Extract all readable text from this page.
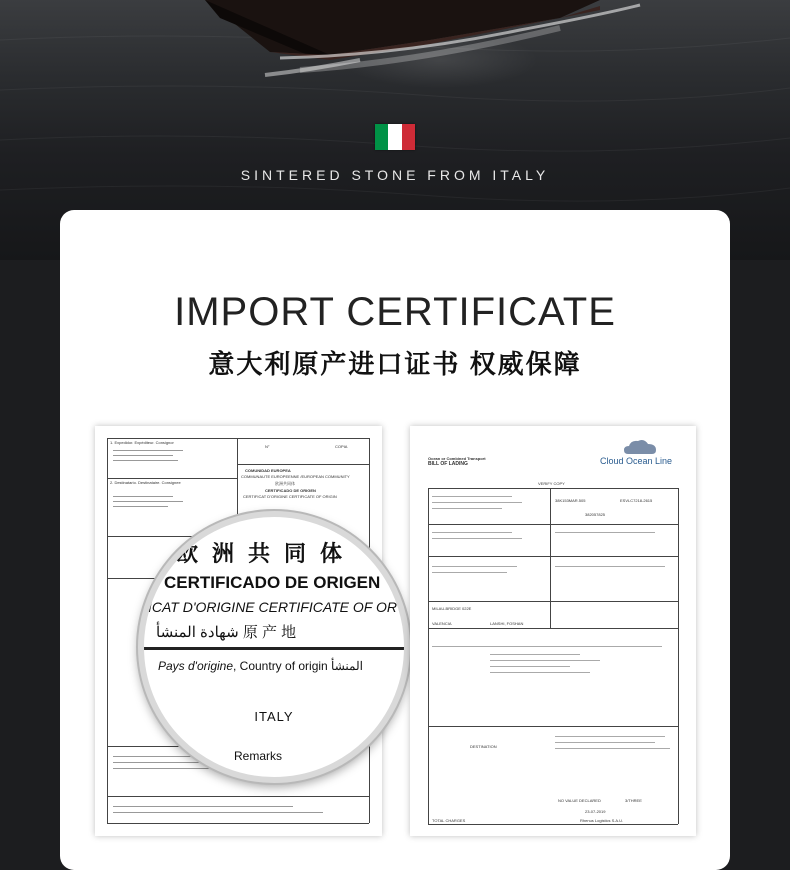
SINTERED STONE FROM ITALY
IMPORT CERTIFICATE
意大利原产进口证书 权威保障
1. Expedidor. Expéditeur. Consignor
2. Destinatario. Destinataire. Consignee
N°	COPIA
COMUNIDAD EUROPEA
COMMUNAUTE EUROPEENNE /EUROPEAN COMMUNITY
欧洲共同体
CERTIFICADO DE ORIGEN
CERTIFICAT D'ORIGINE CERTIFICATE OF ORIGIN
欧洲共同体
CERTIFICADO DE ORIGEN
ICAT D'ORIGINE CERTIFICATE OF OR
شهادة المنشأ 原 产 地
Pays d'origine, Country of origin المنشأ
ITALY
Remarks
Ocean or Combined Transport
BILL OF LADING	Cloud Ocean Line
VERIFY COPY
38K153MAR.505	ESVLC7218-2615
382057825
MILAU-BRIDGE 022E
VALENCIA	LANSHI, FOSHAN
DESTINATION
NO VALUE DECLARED	3/THREE
23-07-2019
TOTAL CHARGES	Rhenus Logistics S.A.U.
